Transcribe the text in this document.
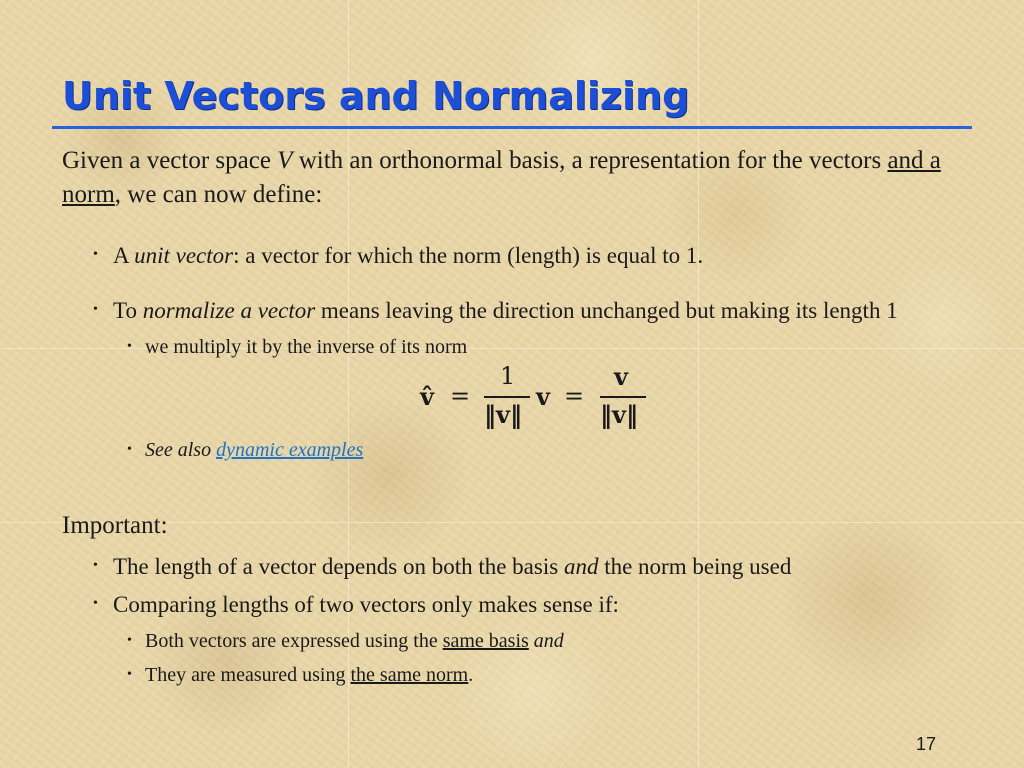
Unit Vectors and Normalizing
Given a vector space V with an orthonormal basis, a representation for the vectors and a norm, we can now define:
• A unit vector: a vector for which the norm (length) is equal to 1.
• To normalize a vector means leaving the direction unchanged but making its length 1
• we multiply it by the inverse of its norm
v̂ =
1
‖v‖
v =
v
‖v‖
• See also dynamic examples
Important:
• The length of a vector depends on both the basis and the norm being used
• Comparing lengths of two vectors only makes sense if:
• Both vectors are expressed using the same basis and
• They are measured using the same norm.
17
